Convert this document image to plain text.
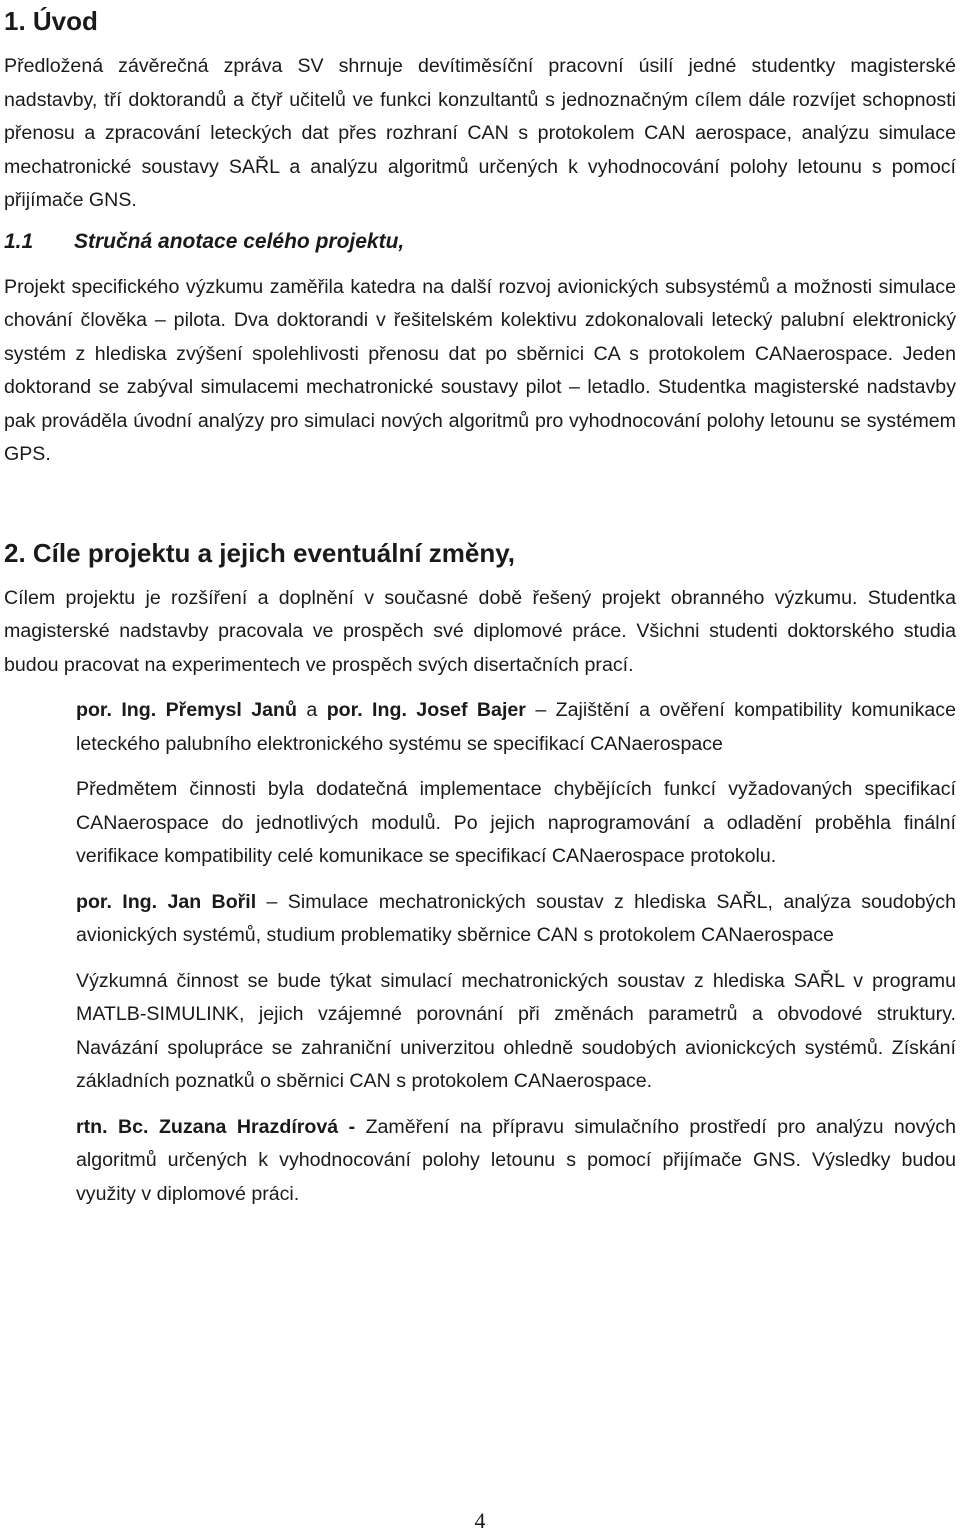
1. Úvod

Předložená závěrečná zpráva SV shrnuje devítiměsíční pracovní úsilí jedné studentky magisterské nadstavby, tří doktorandů a čtyř učitelů ve funkci konzultantů s jednoznačným cílem dále rozvíjet schopnosti přenosu a zpracování leteckých dat přes rozhraní CAN s protokolem CAN aerospace, analýzu simulace mechatronické soustavy SAŘL a analýzu algoritmů určených k vyhodnocování polohy letounu s pomocí přijímače GNS.

1.1 Stručná anotace celého projektu,

Projekt specifického výzkumu zaměřila katedra na další rozvoj avionických subsystémů a možnosti simulace chování člověka – pilota. Dva doktorandi v řešitelském kolektivu zdokonalovali letecký palubní elektronický systém z hlediska zvýšení spolehlivosti přenosu dat po sběrnici CA s protokolem CANaerospace. Jeden doktorand se zabýval simulacemi mechatronické soustavy pilot – letadlo. Studentka magisterské nadstavby pak prováděla úvodní analýzy pro simulaci nových algoritmů pro vyhodnocování polohy letounu se systémem GPS.

2. Cíle projektu a jejich eventuální změny,

Cílem projektu je rozšíření a doplnění v současné době řešený projekt obranného výzkumu. Studentka magisterské nadstavby pracovala ve prospěch své diplomové práce. Všichni studenti doktorského studia budou pracovat na experimentech ve prospěch svých disertačních prací.

por. Ing. Přemysl Janů a por. Ing. Josef Bajer – Zajištění a ověření kompatibility komunikace leteckého palubního elektronického systému se specifikací CANaerospace

Předmětem činnosti byla dodatečná implementace chybějících funkcí vyžadovaných specifikací CANaerospace do jednotlivých modulů. Po jejich naprogramování a odladění proběhla finální verifikace kompatibility celé komunikace se specifikací CANaerospace protokolu.

por. Ing. Jan Bořil – Simulace mechatronických soustav z hlediska SAŘL, analýza soudobých avionických systémů, studium problematiky sběrnice CAN s protokolem CANaerospace

Výzkumná činnost se bude týkat simulací mechatronických soustav z hlediska SAŘL v programu MATLB-SIMULINK, jejich vzájemné porovnání při změnách parametrů a obvodové struktury. Navázání spolupráce se zahraniční univerzitou ohledně soudobých avionickcých systémů. Získání základních poznatků o sběrnici CAN s protokolem CANaerospace.

rtn. Bc. Zuzana Hrazdírová - Zaměření na přípravu simulačního prostředí pro analýzu nových algoritmů určených k vyhodnocování polohy letounu s pomocí přijímače GNS. Výsledky budou využity v diplomové práci.

4
